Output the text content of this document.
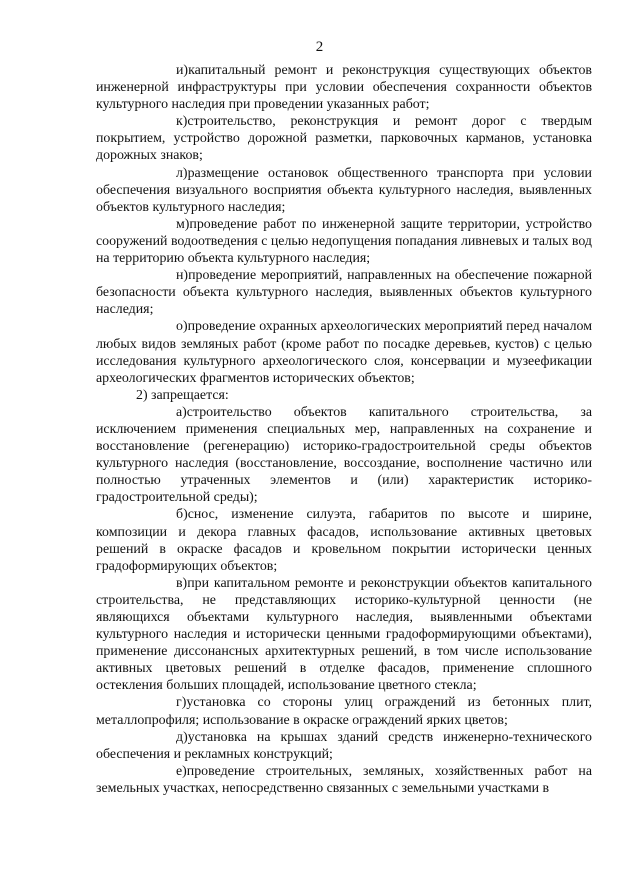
2

и)капитальный ремонт и реконструкция существующих объектов инженерной инфраструктуры при условии обеспечения сохранности объектов культурного наследия при проведении указанных работ;

к)строительство, реконструкция и ремонт дорог с твердым покрытием, устройство дорожной разметки, парковочных карманов, установка дорожных знаков;

л)размещение остановок общественного транспорта при условии обеспечения визуального восприятия объекта культурного наследия, выявленных объектов культурного наследия;

м)проведение работ по инженерной защите территории, устройство сооружений водоотведения с целью недопущения попадания ливневых и талых вод на территорию объекта культурного наследия;

н)проведение мероприятий, направленных на обеспечение пожарной безопасности объекта культурного наследия, выявленных объектов культурного наследия;

о)проведение охранных археологических мероприятий перед началом любых видов земляных работ (кроме работ по посадке деревьев, кустов) с целью исследования культурного археологического слоя, консервации и музеефикации археологических фрагментов исторических объектов;

2) запрещается:

а)строительство объектов капитального строительства, за исключением применения специальных мер, направленных на сохранение и восстановление (регенерацию) историко-градостроительной среды объектов культурного наследия (восстановление, воссоздание, восполнение частично или полностью утраченных элементов и (или) характеристик историко-градостроительной среды);

б)снос, изменение силуэта, габаритов по высоте и ширине, композиции и декора главных фасадов, использование активных цветовых решений в окраске фасадов и кровельном покрытии исторически ценных градоформирующих объектов;

в)при капитальном ремонте и реконструкции объектов капитального строительства, не представляющих историко-культурной ценности (не являющихся объектами культурного наследия, выявленными объектами культурного наследия и исторически ценными градоформирующими объектами), применение диссонансных архитектурных решений, в том числе использование активных цветовых решений в отделке фасадов, применение сплошного остекления больших площадей, использование цветного стекла;

г)установка со стороны улиц ограждений из бетонных плит, металлопрофиля; использование в окраске ограждений ярких цветов;

д)установка на крышах зданий средств инженерно-технического обеспечения и рекламных конструкций;

е)проведение строительных, земляных, хозяйственных работ на земельных участках, непосредственно связанных с земельными участками в
